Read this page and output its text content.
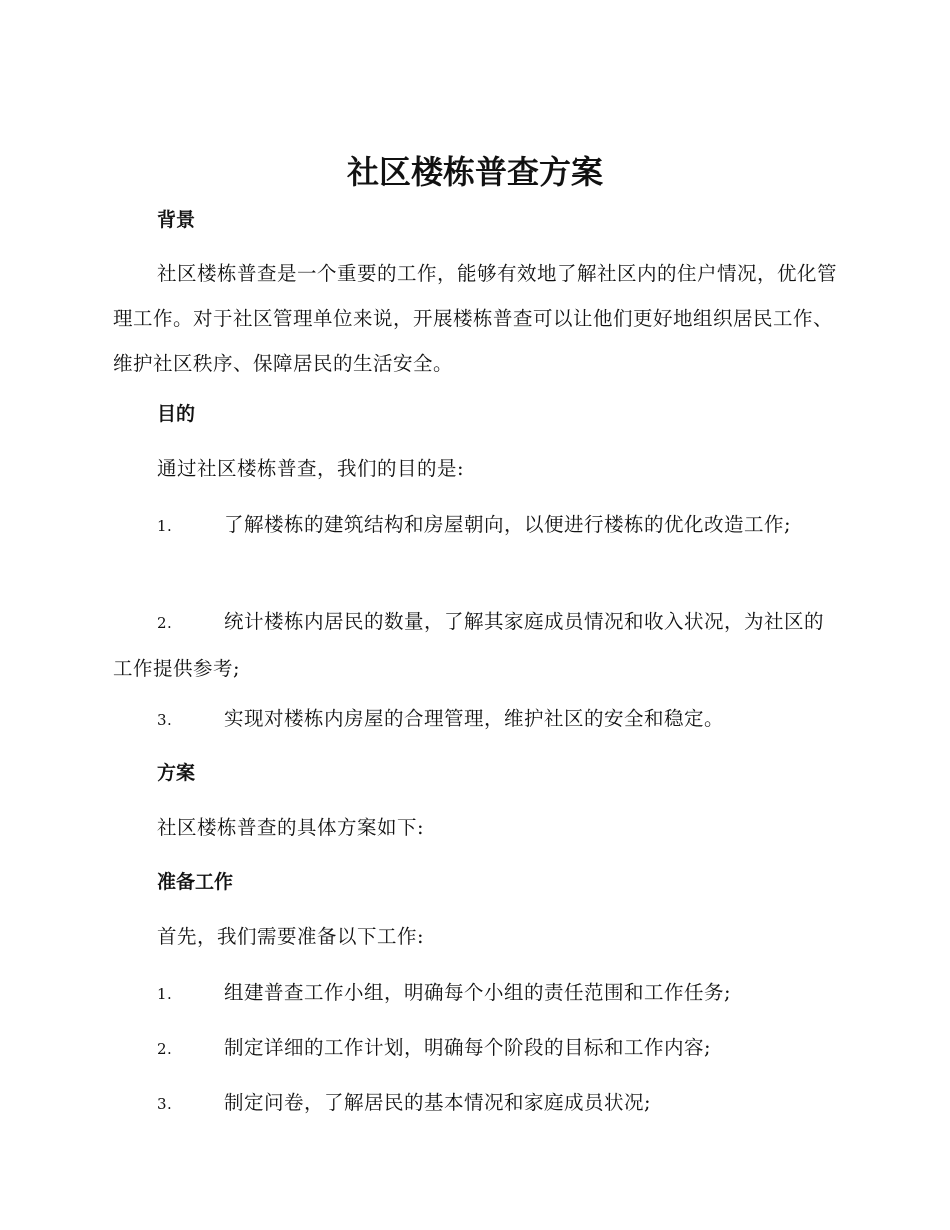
社区楼栋普查方案
背景

社区楼栋普查是一个重要的工作，能够有效地了解社区内的住户情况，优化管理工作。对于社区管理单位来说，开展楼栋普查可以让他们更好地组织居民工作、维护社区秩序、保障居民的生活安全。

目的

通过社区楼栋普查，我们的目的是:

1.	了解楼栋的建筑结构和房屋朝向，以便进行楼栋的优化改造工作;

2.	统计楼栋内居民的数量，了解其家庭成员情况和收入状况，为社区的工作提供参考;

3.	实现对楼栋内房屋的合理管理，维护社区的安全和稳定。

方案

社区楼栋普查的具体方案如下:

准备工作

首先，我们需要准备以下工作:

1.	组建普查工作小组，明确每个小组的责任范围和工作任务;

2.	制定详细的工作计划，明确每个阶段的目标和工作内容;

3.	制定问卷，了解居民的基本情况和家庭成员状况;
